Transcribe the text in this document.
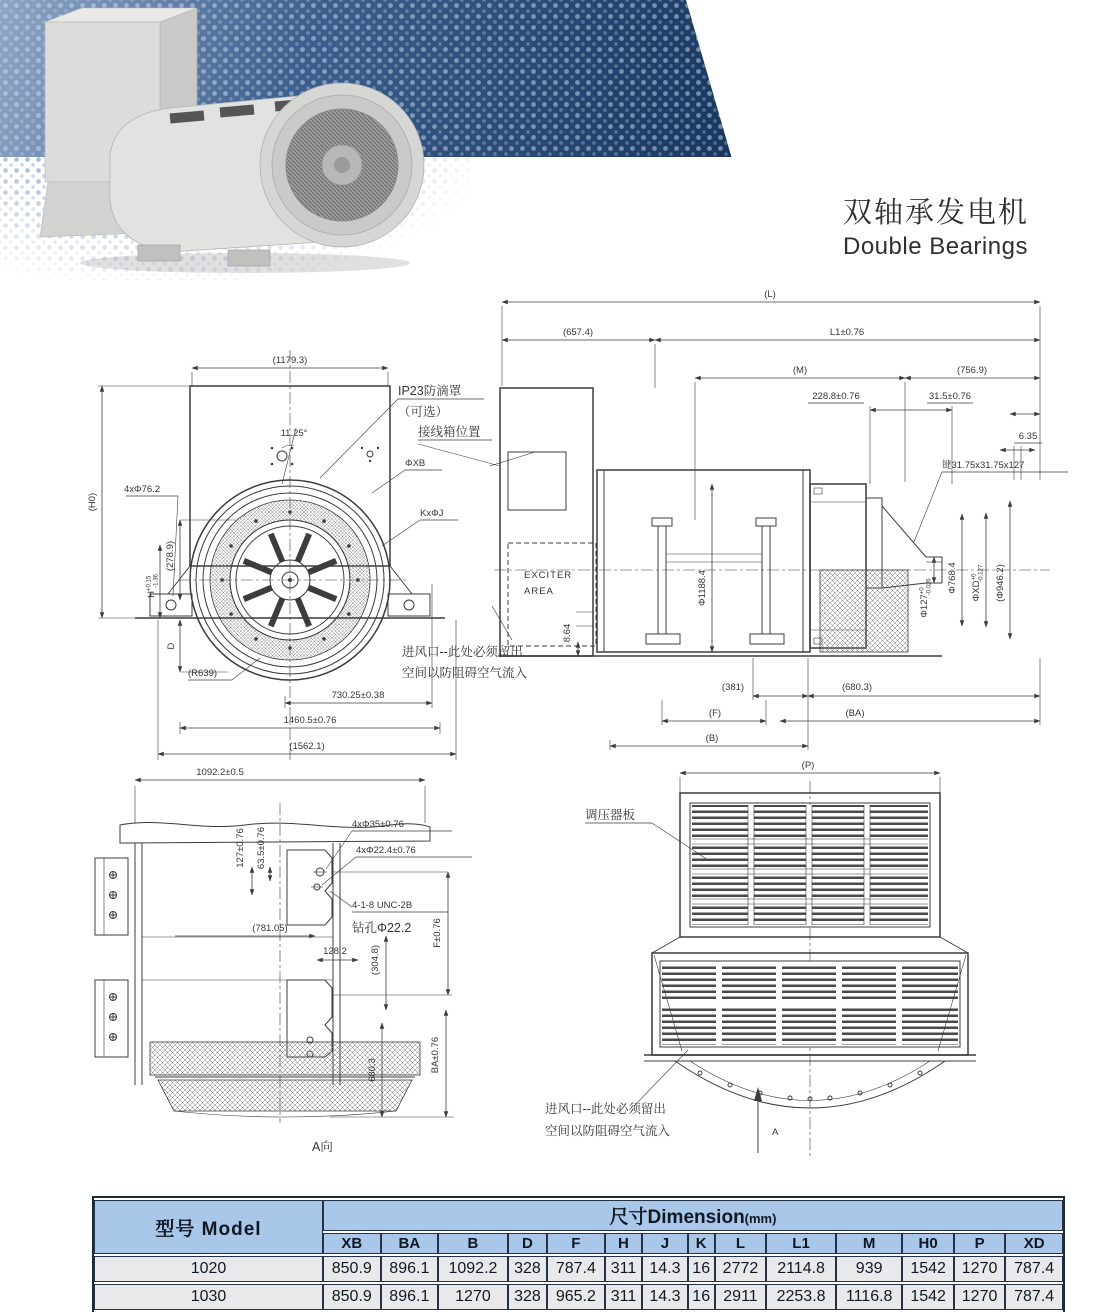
双轴承发电机
Double Bearings
(1179.3)
11.25°
IP23防滴罩
（可选）
接线箱位置
ΦXB
KxΦJ
4xΦ76.2
(H0)
(278.9)
$H^{+0.15}-1.36$
D
(R639)
730.25±0.38
1460.5±0.76
(1562.1)
(L)
(657.4)	L1±0.76
(M)	(756.9)
228.8±0.76	31.5±0.76
6.35
键31.75x31.75x127
EXCITER
AREA	Φ1188.4	$\Phi 127^{+0}-0.026$ Φ768.4 $\Phi XD^{+0}-0.127$ (Φ946.2)
8.64
(381)	(680.3)
(F)	(BA)
(B)
进风口--此处必须留出
空间以防阻碍空气流入
1092.2±0.5
127±0.76 63.5±0.76
4xΦ35±0.76
4xΦ22.4±0.76
4-1-8 UNC-2B
钻孔Φ22.2
(781.05)
128.2 (304.8)
F±0.76
680.3	BA±0.76
A向
(P)
调压器板
进风口--此处必须留出
空间以防阻碍空气流入	A
型号 Model	尺寸Dimension(mm)													
	XB	BA	B	D	F	H	J	K	L	L1	M	H0	P	XD
1020	850.9	896.1	1092.2	328	787.4	311	14.3	16	2772	2114.8	939	1542	1270	787.4
1030	850.9	896.1	1270	328	965.2	311	14.3	16	2911	2253.8	1116.8	1542	1270	787.4
